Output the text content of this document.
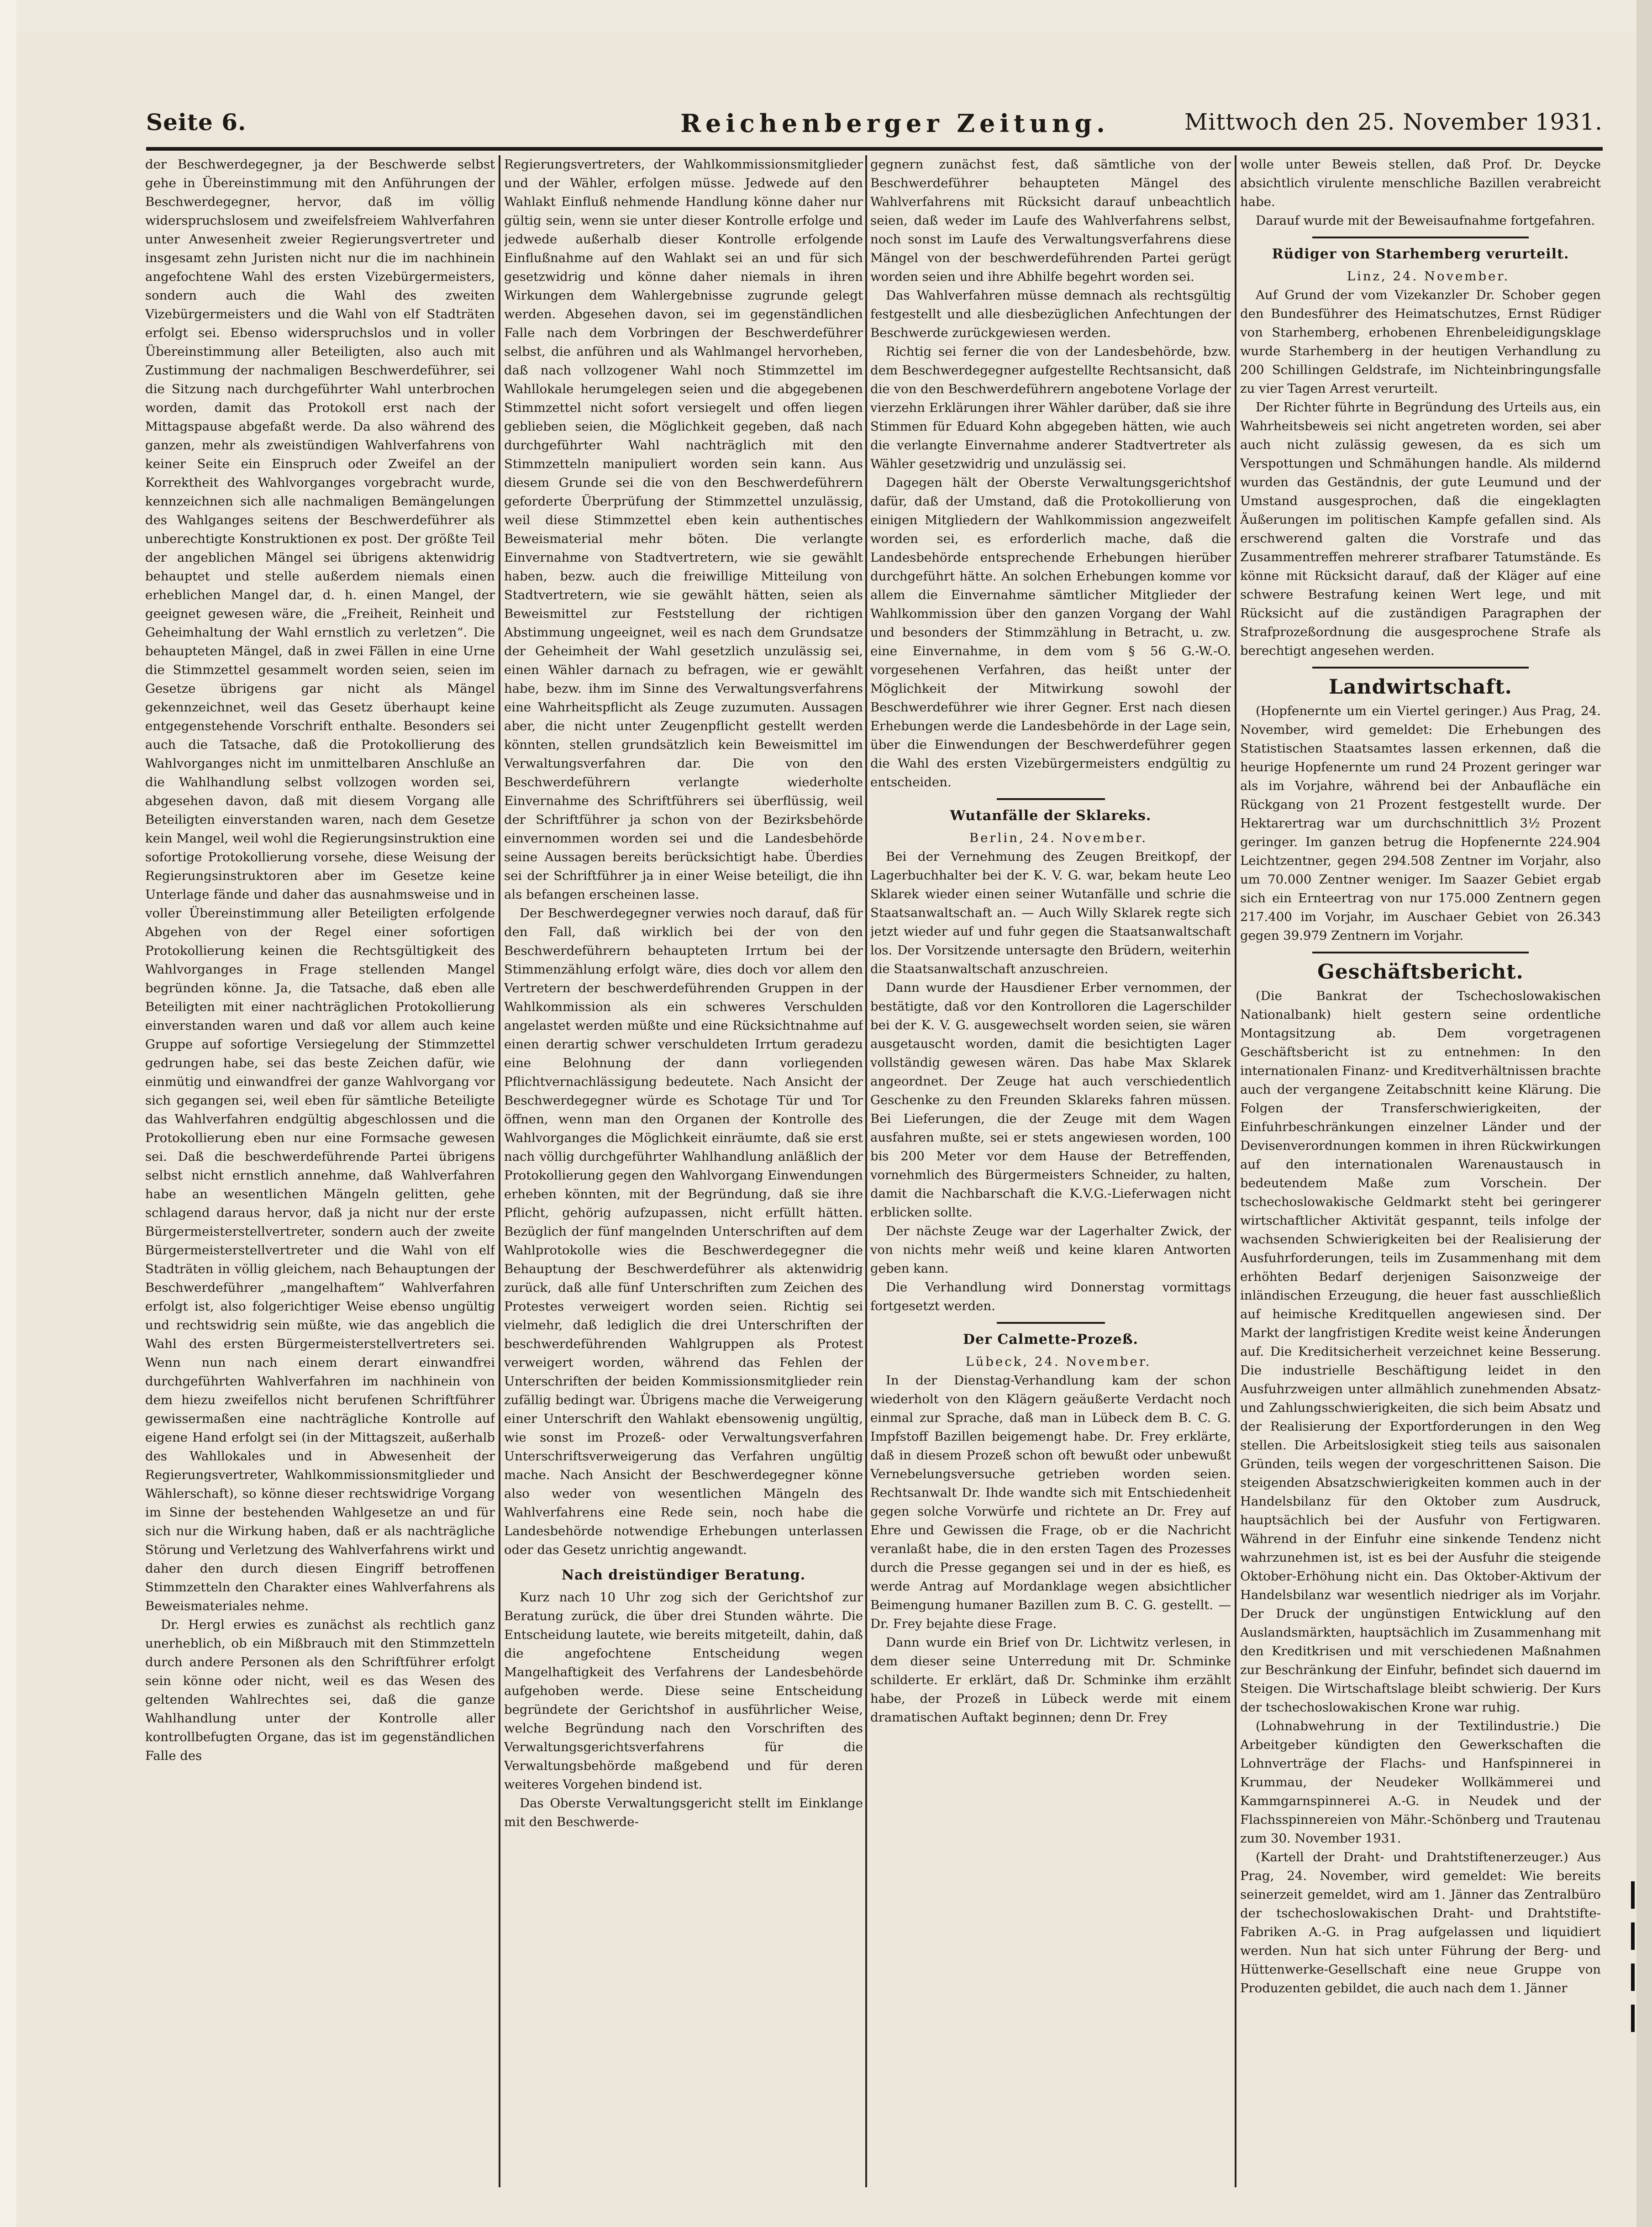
Seite 6.	Reichenberger Zeitung.	Mittwoch den 25. November 1931.

der Beschwerdegegner, ja der Beschwerde selbst gehe in Übereinstimmung mit den Anführungen der Beschwerdegegner, hervor, daß im völlig widerspruchslosem und zweifelsfreiem Wahlverfahren unter Anwesenheit zweier Regierungsvertreter und insgesamt zehn Juristen nicht nur die im nachhinein angefochtene Wahl des ersten Vizebürgermeisters, sondern auch die Wahl des zweiten Vizebürgermeisters und die Wahl von elf Stadträten erfolgt sei. Ebenso widerspruchslos und in voller Übereinstimmung aller Beteiligten, also auch mit Zustimmung der nachmaligen Beschwerdeführer, sei die Sitzung nach durchgeführter Wahl unterbrochen worden, damit das Protokoll erst nach der Mittagspause abgefaßt werde. Da also während des ganzen, mehr als zweistündigen Wahlverfahrens von keiner Seite ein Einspruch oder Zweifel an der Korrektheit des Wahlvorganges vorgebracht wurde, kennzeichnen sich alle nachmaligen Bemängelungen des Wahlganges seitens der Beschwerdeführer als unberechtigte Konstruktionen ex post. Der größte Teil der angeblichen Mängel sei übrigens aktenwidrig behauptet und stelle außerdem niemals einen erheblichen Mangel dar, d. h. einen Mangel, der geeignet gewesen wäre, die „Freiheit, Reinheit und Geheimhaltung der Wahl ernstlich zu verletzen“. Die behaupteten Mängel, daß in zwei Fällen in eine Urne die Stimmzettel gesammelt worden seien, seien im Gesetze übrigens gar nicht als Mängel gekennzeichnet, weil das Gesetz überhaupt keine entgegenstehende Vorschrift enthalte. Besonders sei auch die Tatsache, daß die Protokollierung des Wahlvorganges nicht im unmittelbaren Anschluße an die Wahlhandlung selbst vollzogen worden sei, abgesehen davon, daß mit diesem Vorgang alle Beteiligten einverstanden waren, nach dem Gesetze kein Mangel, weil wohl die Regierungsinstruktion eine sofortige Protokollierung vorsehe, diese Weisung der Regierungsinstruktoren aber im Gesetze keine Unterlage fände und daher das ausnahmsweise und in voller Übereinstimmung aller Beteiligten erfolgende Abgehen von der Regel einer sofortigen Protokollierung keinen die Rechtsgültigkeit des Wahlvorganges in Frage stellenden Mangel begründen könne. Ja, die Tatsache, daß eben alle Beteiligten mit einer nachträglichen Protokollierung einverstanden waren und daß vor allem auch keine Gruppe auf sofortige Versiegelung der Stimmzettel gedrungen habe, sei das beste Zeichen dafür, wie einmütig und einwandfrei der ganze Wahlvorgang vor sich gegangen sei, weil eben für sämtliche Beteiligte das Wahlverfahren endgültig abgeschlossen und die Protokollierung eben nur eine Formsache gewesen sei. Daß die beschwerdeführende Partei übrigens selbst nicht ernstlich annehme, daß Wahlverfahren habe an wesentlichen Mängeln gelitten, gehe schlagend daraus hervor, daß ja nicht nur der erste Bürgermeisterstellvertreter, sondern auch der zweite Bürgermeisterstellvertreter und die Wahl von elf Stadträten in völlig gleichem, nach Behauptungen der Beschwerdeführer „mangelhaftem“ Wahlverfahren erfolgt ist, also folgerichtiger Weise ebenso ungültig und rechtswidrig sein müßte, wie das angeblich die Wahl des ersten Bürgermeisterstellvertreters sei. Wenn nun nach einem derart einwandfrei durchgeführten Wahlverfahren im nachhinein von dem hiezu zweifellos nicht berufenen Schriftführer gewissermaßen eine nachträgliche Kontrolle auf eigene Hand erfolgt sei (in der Mittagszeit, außerhalb des Wahllokales und in Abwesenheit der Regierungsvertreter, Wahlkommissionsmitglieder und Wählerschaft), so könne dieser rechtswidrige Vorgang im Sinne der bestehenden Wahlgesetze an und für sich nur die Wirkung haben, daß er als nachträgliche Störung und Verletzung des Wahlverfahrens wirkt und daher den durch diesen Eingriff betroffenen Stimmzetteln den Charakter eines Wahlverfahrens als Beweismateriales nehme.

Dr. Hergl erwies es zunächst als rechtlich ganz unerheblich, ob ein Mißbrauch mit den Stimmzetteln durch andere Personen als den Schriftführer erfolgt sein könne oder nicht, weil es das Wesen des geltenden Wahlrechtes sei, daß die ganze Wahlhandlung unter der Kontrolle aller kontrollbefugten Organe, das ist im gegenständlichen Falle des

Regierungsvertreters, der Wahlkommissionsmitglieder und der Wähler, erfolgen müsse. Jedwede auf den Wahlakt Einfluß nehmende Handlung könne daher nur gültig sein, wenn sie unter dieser Kontrolle erfolge und jedwede außerhalb dieser Kontrolle erfolgende Einflußnahme auf den Wahlakt sei an und für sich gesetzwidrig und könne daher niemals in ihren Wirkungen dem Wahlergebnisse zugrunde gelegt werden. Abgesehen davon, sei im gegenständlichen Falle nach dem Vorbringen der Beschwerdeführer selbst, die anführen und als Wahlmangel hervorheben, daß nach vollzogener Wahl noch Stimmzettel im Wahllokale herumgelegen seien und die abgegebenen Stimmzettel nicht sofort versiegelt und offen liegen geblieben seien, die Möglichkeit gegeben, daß nach durchgeführter Wahl nachträglich mit den Stimmzetteln manipuliert worden sein kann. Aus diesem Grunde sei die von den Beschwerdeführern geforderte Überprüfung der Stimmzettel unzulässig, weil diese Stimmzettel eben kein authentisches Beweismaterial mehr böten. Die verlangte Einvernahme von Stadtvertretern, wie sie gewählt haben, bezw. auch die freiwillige Mitteilung von Stadtvertretern, wie sie gewählt hätten, seien als Beweismittel zur Feststellung der richtigen Abstimmung ungeeignet, weil es nach dem Grundsatze der Geheimheit der Wahl gesetzlich unzulässig sei, einen Wähler darnach zu befragen, wie er gewählt habe, bezw. ihm im Sinne des Verwaltungsverfahrens eine Wahrheitspflicht als Zeuge zuzumuten. Aussagen aber, die nicht unter Zeugenpflicht gestellt werden könnten, stellen grundsätzlich kein Beweismittel im Verwaltungsverfahren dar. Die von den Beschwerdeführern verlangte wiederholte Einvernahme des Schriftführers sei überflüssig, weil der Schriftführer ja schon von der Bezirksbehörde einvernommen worden sei und die Landesbehörde seine Aussagen bereits berücksichtigt habe. Überdies sei der Schriftführer ja in einer Weise beteiligt, die ihn als befangen erscheinen lasse.

Der Beschwerdegegner verwies noch darauf, daß für den Fall, daß wirklich bei der von den Beschwerdeführern behaupteten Irrtum bei der Stimmenzählung erfolgt wäre, dies doch vor allem den Vertretern der beschwerdeführenden Gruppen in der Wahlkommission als ein schweres Verschulden angelastet werden müßte und eine Rücksichtnahme auf einen derartig schwer verschuldeten Irrtum geradezu eine Belohnung der dann vorliegenden Pflichtvernachlässigung bedeutete. Nach Ansicht der Beschwerdegegner würde es Schotage Tür und Tor öffnen, wenn man den Organen der Kontrolle des Wahlvorganges die Möglichkeit einräumte, daß sie erst nach völlig durchgeführter Wahlhandlung anläßlich der Protokollierung gegen den Wahlvorgang Einwendungen erheben könnten, mit der Begründung, daß sie ihre Pflicht, gehörig aufzupassen, nicht erfüllt hätten. Bezüglich der fünf mangelnden Unterschriften auf dem Wahlprotokolle wies die Beschwerdegegner die Behauptung der Beschwerdeführer als aktenwidrig zurück, daß alle fünf Unterschriften zum Zeichen des Protestes verweigert worden seien. Richtig sei vielmehr, daß lediglich die drei Unterschriften der beschwerdeführenden Wahlgruppen als Protest verweigert worden, während das Fehlen der Unterschriften der beiden Kommissionsmitglieder rein zufällig bedingt war. Übrigens mache die Verweigerung einer Unterschrift den Wahlakt ebensowenig ungültig, wie sonst im Prozeß- oder Verwaltungsverfahren Unterschriftsverweigerung das Verfahren ungültig mache. Nach Ansicht der Beschwerdegegner könne also weder von wesentlichen Mängeln des Wahlverfahrens eine Rede sein, noch habe die Landesbehörde notwendige Erhebungen unterlassen oder das Gesetz unrichtig angewandt.

Nach dreistündiger Beratung.

Kurz nach 10 Uhr zog sich der Gerichtshof zur Beratung zurück, die über drei Stunden währte. Die Entscheidung lautete, wie bereits mitgeteilt, dahin, daß die angefochtene Entscheidung wegen Mangelhaftigkeit des Verfahrens der Landesbehörde aufgehoben werde. Diese seine Entscheidung begründete der Gerichtshof in ausführlicher Weise, welche Begründung nach den Vorschriften des Verwaltungsgerichtsverfahrens für die Verwaltungsbehörde maßgebend und für deren weiteres Vorgehen bindend ist.

Das Oberste Verwaltungsgericht stellt im Einklange mit den Beschwerde-

gegnern zunächst fest, daß sämtliche von der Beschwerdeführer behaupteten Mängel des Wahlverfahrens mit Rücksicht darauf unbeachtlich seien, daß weder im Laufe des Wahlverfahrens selbst, noch sonst im Laufe des Verwaltungsverfahrens diese Mängel von der beschwerdeführenden Partei gerügt worden seien und ihre Abhilfe begehrt worden sei.

Das Wahlverfahren müsse demnach als rechtsgültig festgestellt und alle diesbezüglichen Anfechtungen der Beschwerde zurückgewiesen werden.

Richtig sei ferner die von der Landesbehörde, bzw. dem Beschwerdegegner aufgestellte Rechtsansicht, daß die von den Beschwerdeführern angebotene Vorlage der vierzehn Erklärungen ihrer Wähler darüber, daß sie ihre Stimmen für Eduard Kohn abgegeben hätten, wie auch die verlangte Einvernahme anderer Stadtvertreter als Wähler gesetzwidrig und unzulässig sei.

Dagegen hält der Oberste Verwaltungsgerichtshof dafür, daß der Umstand, daß die Protokollierung von einigen Mitgliedern der Wahlkommission angezweifelt worden sei, es erforderlich mache, daß die Landesbehörde entsprechende Erhebungen hierüber durchgeführt hätte. An solchen Erhebungen komme vor allem die Einvernahme sämtlicher Mitglieder der Wahlkommission über den ganzen Vorgang der Wahl und besonders der Stimmzählung in Betracht, u. zw. eine Einvernahme, in dem vom § 56 G.-W.-O. vorgesehenen Verfahren, das heißt unter der Möglichkeit der Mitwirkung sowohl der Beschwerdeführer wie ihrer Gegner. Erst nach diesen Erhebungen werde die Landesbehörde in der Lage sein, über die Einwendungen der Beschwerdeführer gegen die Wahl des ersten Vizebürgermeisters endgültig zu entscheiden.

Wutanfälle der Sklareks.

Berlin, 24. November.

Bei der Vernehmung des Zeugen Breitkopf, der Lagerbuchhalter bei der K. V. G. war, bekam heute Leo Sklarek wieder einen seiner Wutanfälle und schrie die Staatsanwaltschaft an. — Auch Willy Sklarek regte sich jetzt wieder auf und fuhr gegen die Staatsanwaltschaft los. Der Vorsitzende untersagte den Brüdern, weiterhin die Staatsanwaltschaft anzuschreien.

Dann wurde der Hausdiener Erber vernommen, der bestätigte, daß vor den Kontrolloren die Lagerschilder bei der K. V. G. ausgewechselt worden seien, sie wären ausgetauscht worden, damit die besichtigten Lager vollständig gewesen wären. Das habe Max Sklarek angeordnet. Der Zeuge hat auch verschiedentlich Geschenke zu den Freunden Sklareks fahren müssen. Bei Lieferungen, die der Zeuge mit dem Wagen ausfahren mußte, sei er stets angewiesen worden, 100 bis 200 Meter vor dem Hause der Betreffenden, vornehmlich des Bürgermeisters Schneider, zu halten, damit die Nachbarschaft die K.V.G.-Lieferwagen nicht erblicken sollte.

Der nächste Zeuge war der Lagerhalter Zwick, der von nichts mehr weiß und keine klaren Antworten geben kann.

Die Verhandlung wird Donnerstag vormittags fortgesetzt werden.

Der Calmette-Prozeß.

Lübeck, 24. November.

In der Dienstag-Verhandlung kam der schon wiederholt von den Klägern geäußerte Verdacht noch einmal zur Sprache, daß man in Lübeck dem B. C. G. Impfstoff Bazillen beigemengt habe. Dr. Frey erklärte, daß in diesem Prozeß schon oft bewußt oder unbewußt Vernebelungsversuche getrieben worden seien. Rechtsanwalt Dr. Ihde wandte sich mit Entschiedenheit gegen solche Vorwürfe und richtete an Dr. Frey auf Ehre und Gewissen die Frage, ob er die Nachricht veranlaßt habe, die in den ersten Tagen des Prozesses durch die Presse gegangen sei und in der es hieß, es werde Antrag auf Mordanklage wegen absichtlicher Beimengung humaner Bazillen zum B. C. G. gestellt. — Dr. Frey bejahte diese Frage.

Dann wurde ein Brief von Dr. Lichtwitz verlesen, in dem dieser seine Unterredung mit Dr. Schminke schilderte. Er erklärt, daß Dr. Schminke ihm erzählt habe, der Prozeß in Lübeck werde mit einem dramatischen Auftakt beginnen; denn Dr. Frey

wolle unter Beweis stellen, daß Prof. Dr. Deycke absichtlich virulente menschliche Bazillen verabreicht habe.

Darauf wurde mit der Beweisaufnahme fortgefahren.

Rüdiger von Starhemberg verurteilt.

Linz, 24. November.

Auf Grund der vom Vizekanzler Dr. Schober gegen den Bundesführer des Heimatschutzes, Ernst Rüdiger von Starhemberg, erhobenen Ehrenbeleidigungsklage wurde Starhemberg in der heutigen Verhandlung zu 200 Schillingen Geldstrafe, im Nichteinbringungsfalle zu vier Tagen Arrest verurteilt.

Der Richter führte in Begründung des Urteils aus, ein Wahrheitsbeweis sei nicht angetreten worden, sei aber auch nicht zulässig gewesen, da es sich um Verspottungen und Schmähungen handle. Als mildernd wurden das Geständnis, der gute Leumund und der Umstand ausgesprochen, daß die eingeklagten Äußerungen im politischen Kampfe gefallen sind. Als erschwerend galten die Vorstrafe und das Zusammentreffen mehrerer strafbarer Tatumstände. Es könne mit Rücksicht darauf, daß der Kläger auf eine schwere Bestrafung keinen Wert lege, und mit Rücksicht auf die zuständigen Paragraphen der Strafprozeßordnung die ausgesprochene Strafe als berechtigt angesehen werden.

Landwirtschaft.

(Hopfenernte um ein Viertel geringer.) Aus Prag, 24. November, wird gemeldet: Die Erhebungen des Statistischen Staatsamtes lassen erkennen, daß die heurige Hopfenernte um rund 24 Prozent geringer war als im Vorjahre, während bei der Anbaufläche ein Rückgang von 21 Prozent festgestellt wurde. Der Hektarertrag war um durchschnittlich 3½ Prozent geringer. Im ganzen betrug die Hopfenernte 224.904 Leichtzentner, gegen 294.508 Zentner im Vorjahr, also um 70.000 Zentner weniger. Im Saazer Gebiet ergab sich ein Ernteertrag von nur 175.000 Zentnern gegen 217.400 im Vorjahr, im Auschaer Gebiet von 26.343 gegen 39.979 Zentnern im Vorjahr.

Geschäftsbericht.

(Die Bankrat der Tschechoslowakischen Nationalbank) hielt gestern seine ordentliche Montagsitzung ab. Dem vorgetragenen Geschäftsbericht ist zu entnehmen: In den internationalen Finanz- und Kreditverhältnissen brachte auch der vergangene Zeitabschnitt keine Klärung. Die Folgen der Transferschwierigkeiten, der Einfuhrbeschränkungen einzelner Länder und der Devisenverordnungen kommen in ihren Rückwirkungen auf den internationalen Warenaustausch in bedeutendem Maße zum Vorschein. Der tschechoslowakische Geldmarkt steht bei geringerer wirtschaftlicher Aktivität gespannt, teils infolge der wachsenden Schwierigkeiten bei der Realisierung der Ausfuhrforderungen, teils im Zusammenhang mit dem erhöhten Bedarf derjenigen Saisonzweige der inländischen Erzeugung, die heuer fast ausschließlich auf heimische Kreditquellen angewiesen sind. Der Markt der langfristigen Kredite weist keine Änderungen auf. Die Kreditsicherheit verzeichnet keine Besserung. Die industrielle Beschäftigung leidet in den Ausfuhrzweigen unter allmählich zunehmenden Absatz- und Zahlungsschwierigkeiten, die sich beim Absatz und der Realisierung der Exportforderungen in den Weg stellen. Die Arbeitslosigkeit stieg teils aus saisonalen Gründen, teils wegen der vorgeschrittenen Saison. Die steigenden Absatzschwierigkeiten kommen auch in der Handelsbilanz für den Oktober zum Ausdruck, hauptsächlich bei der Ausfuhr von Fertigwaren. Während in der Einfuhr eine sinkende Tendenz nicht wahrzunehmen ist, ist es bei der Ausfuhr die steigende Oktober-Erhöhung nicht ein. Das Oktober-Aktivum der Handelsbilanz war wesentlich niedriger als im Vorjahr. Der Druck der ungünstigen Entwicklung auf den Auslandsmärkten, hauptsächlich im Zusammenhang mit den Kreditkrisen und mit verschiedenen Maßnahmen zur Beschränkung der Einfuhr, befindet sich dauernd im Steigen. Die Wirtschaftslage bleibt schwierig. Der Kurs der tschechoslowakischen Krone war ruhig.

(Lohnabwehrung in der Textilindustrie.) Die Arbeitgeber kündigten den Gewerkschaften die Lohnverträge der Flachs- und Hanfspinnerei in Krummau, der Neudeker Wollkämmerei und Kammgarnspinnerei A.-G. in Neudek und der Flachsspinnereien von Mähr.-Schönberg und Trautenau zum 30. November 1931.

(Kartell der Draht- und Drahtstiftenerzeuger.) Aus Prag, 24. November, wird gemeldet: Wie bereits seinerzeit gemeldet, wird am 1. Jänner das Zentralbüro der tschechoslowakischen Draht- und Drahtstifte-Fabriken A.-G. in Prag aufgelassen und liquidiert werden. Nun hat sich unter Führung der Berg- und Hüttenwerke-Gesellschaft eine neue Gruppe von Produzenten gebildet, die auch nach dem 1. Jänner
